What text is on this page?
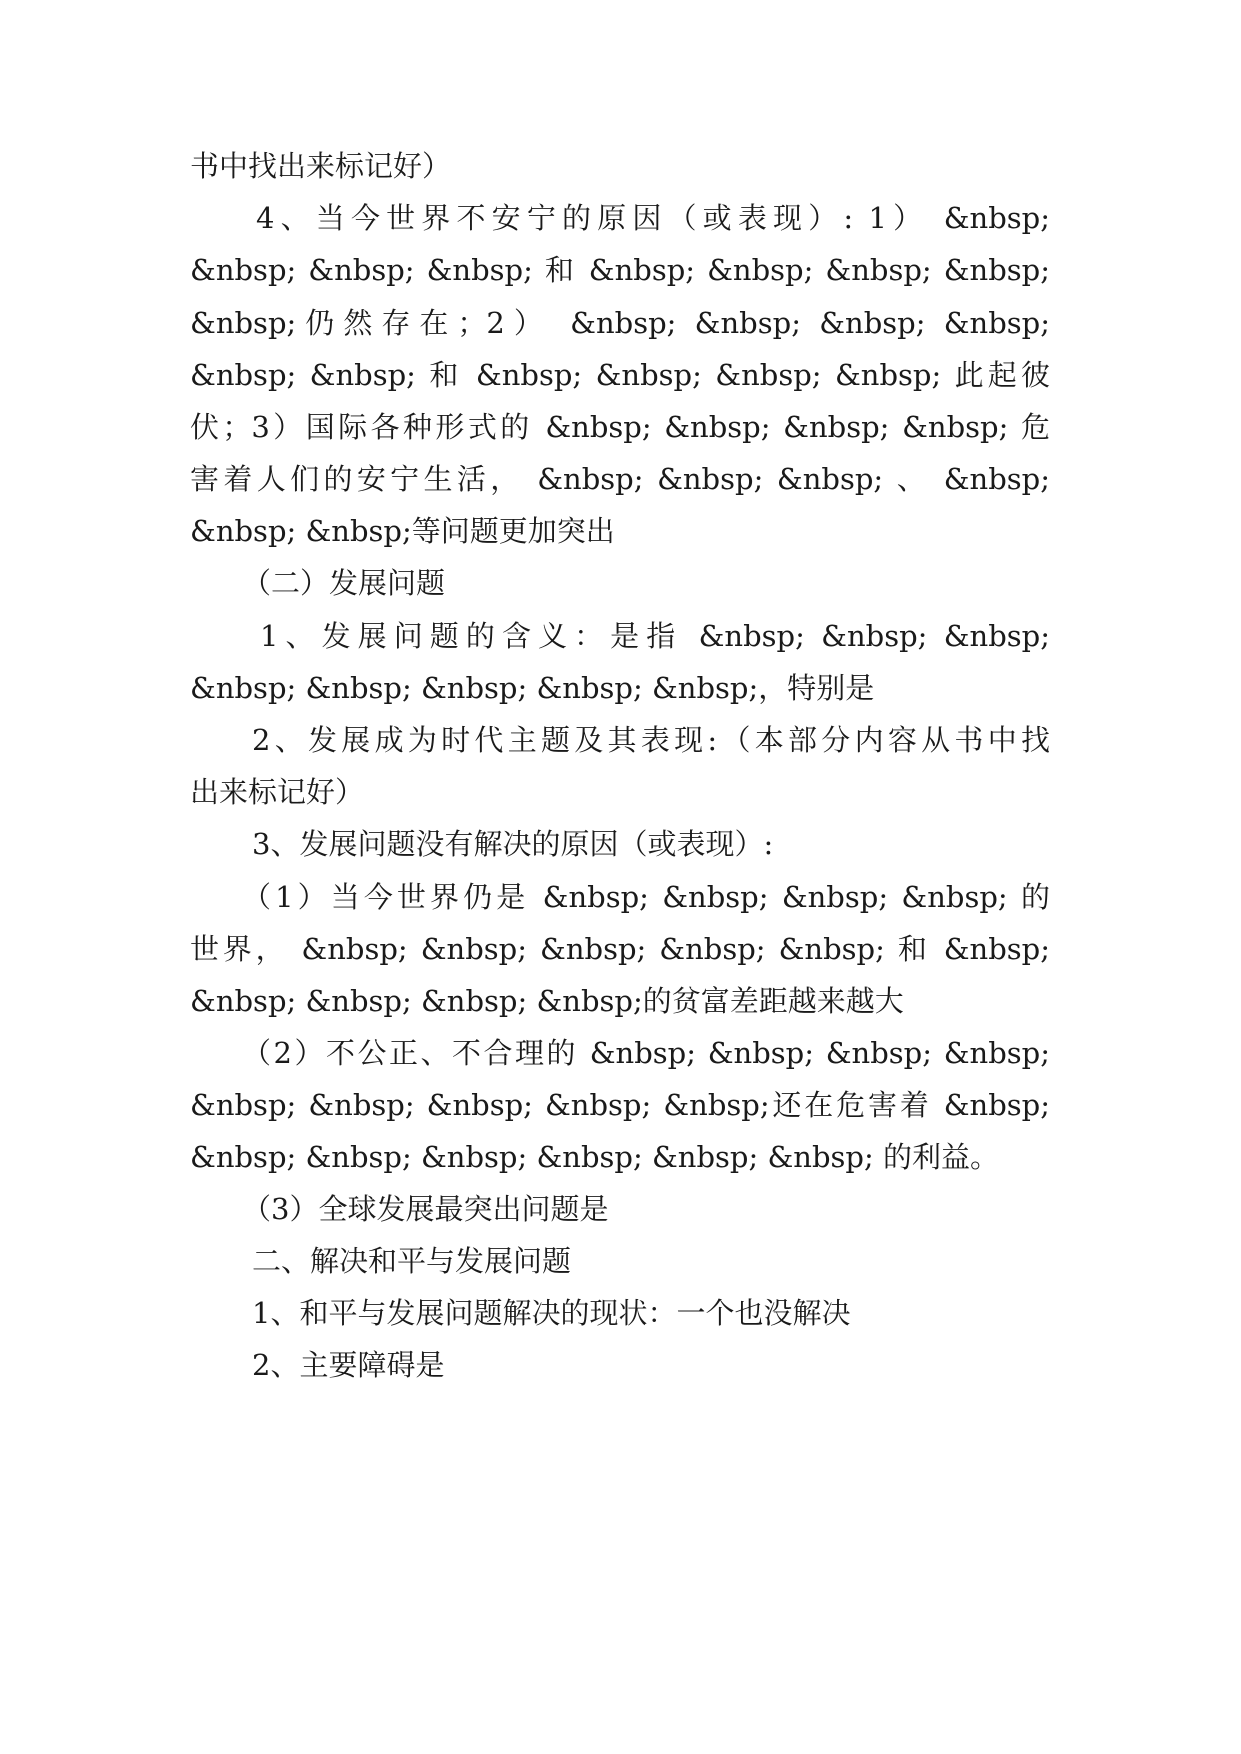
书中找出来标记好）
4、当今世界不安宁的原因（或表现）: 1） &nbsp;
&nbsp; &nbsp; &nbsp; 和 &nbsp; &nbsp; &nbsp; &nbsp;
&nbsp;仍然存在；2） &nbsp; &nbsp; &nbsp; &nbsp;
&nbsp; &nbsp; 和 &nbsp; &nbsp; &nbsp; &nbsp; 此起彼
伏；3）国际各种形式的 &nbsp; &nbsp; &nbsp; &nbsp; 危
害着人们的安宁生活， &nbsp; &nbsp; &nbsp; 、 &nbsp;
&nbsp; &nbsp;等问题更加突出
（二）发展问题
1、发展问题的含义：是指 &nbsp; &nbsp; &nbsp;
&nbsp; &nbsp; &nbsp; &nbsp; &nbsp;，特别是
2、发展成为时代主题及其表现:（本部分内容从书中找
出来标记好）
3、发展问题没有解决的原因（或表现）:
（1）当今世界仍是 &nbsp; &nbsp; &nbsp; &nbsp; 的
世界， &nbsp; &nbsp; &nbsp; &nbsp; &nbsp; 和 &nbsp;
&nbsp; &nbsp; &nbsp; &nbsp;的贫富差距越来越大
（2）不公正、不合理的 &nbsp; &nbsp; &nbsp; &nbsp;
&nbsp; &nbsp; &nbsp; &nbsp; &nbsp;还在危害着 &nbsp;
&nbsp; &nbsp; &nbsp; &nbsp; &nbsp; &nbsp; 的利益。
（3）全球发展最突出问题是
二、解决和平与发展问题
1、和平与发展问题解决的现状：一个也没解决
2、主要障碍是
